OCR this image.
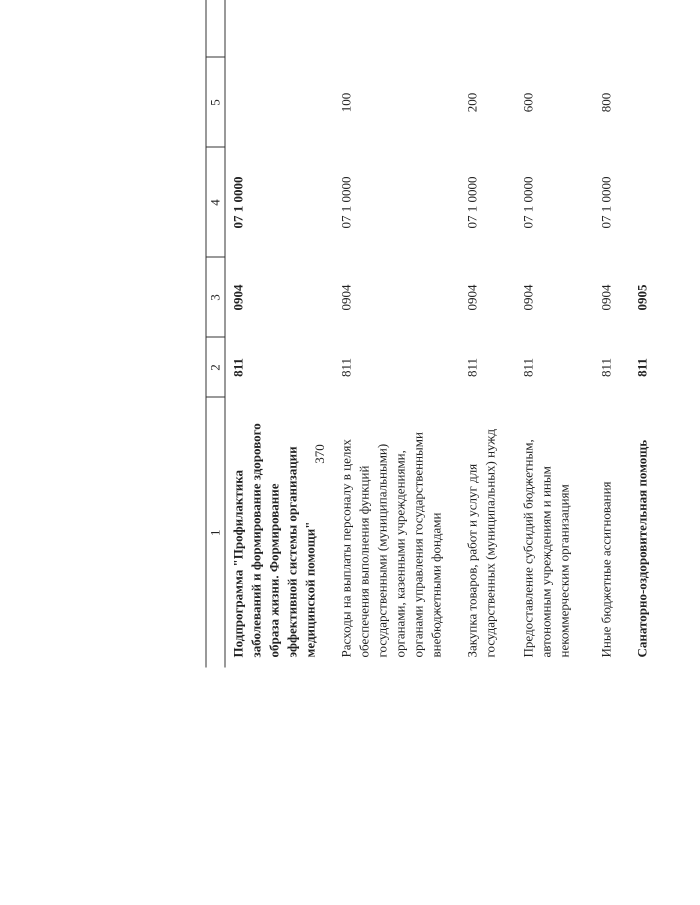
370
1	2	3	4	5	
Подпрограмма "Профилактика заболеваний и формирование здорового образа жизни. Формирование эффективной системы организации медицинской помощи"	811	0904	07 1 0000		
Расходы на выплаты персоналу в целях обеспечения выполнения функций государственными (муниципальными) органами, казенными учреждениями, органами управления государственными внебюджетными фондами	811	0904	07 1 0000	100	
Закупка товаров, работ и услуг для государственных (муниципальных) нужд	811	0904	07 1 0000	200	
Предоставление субсидий бюджетным, автономным учреждениям и иным некоммерческим организациям	811	0904	07 1 0000	600	
Иные бюджетные ассигнования	811	0904	07 1 0000	800	
Санаторно-оздоровительная помощь	811	0905			
